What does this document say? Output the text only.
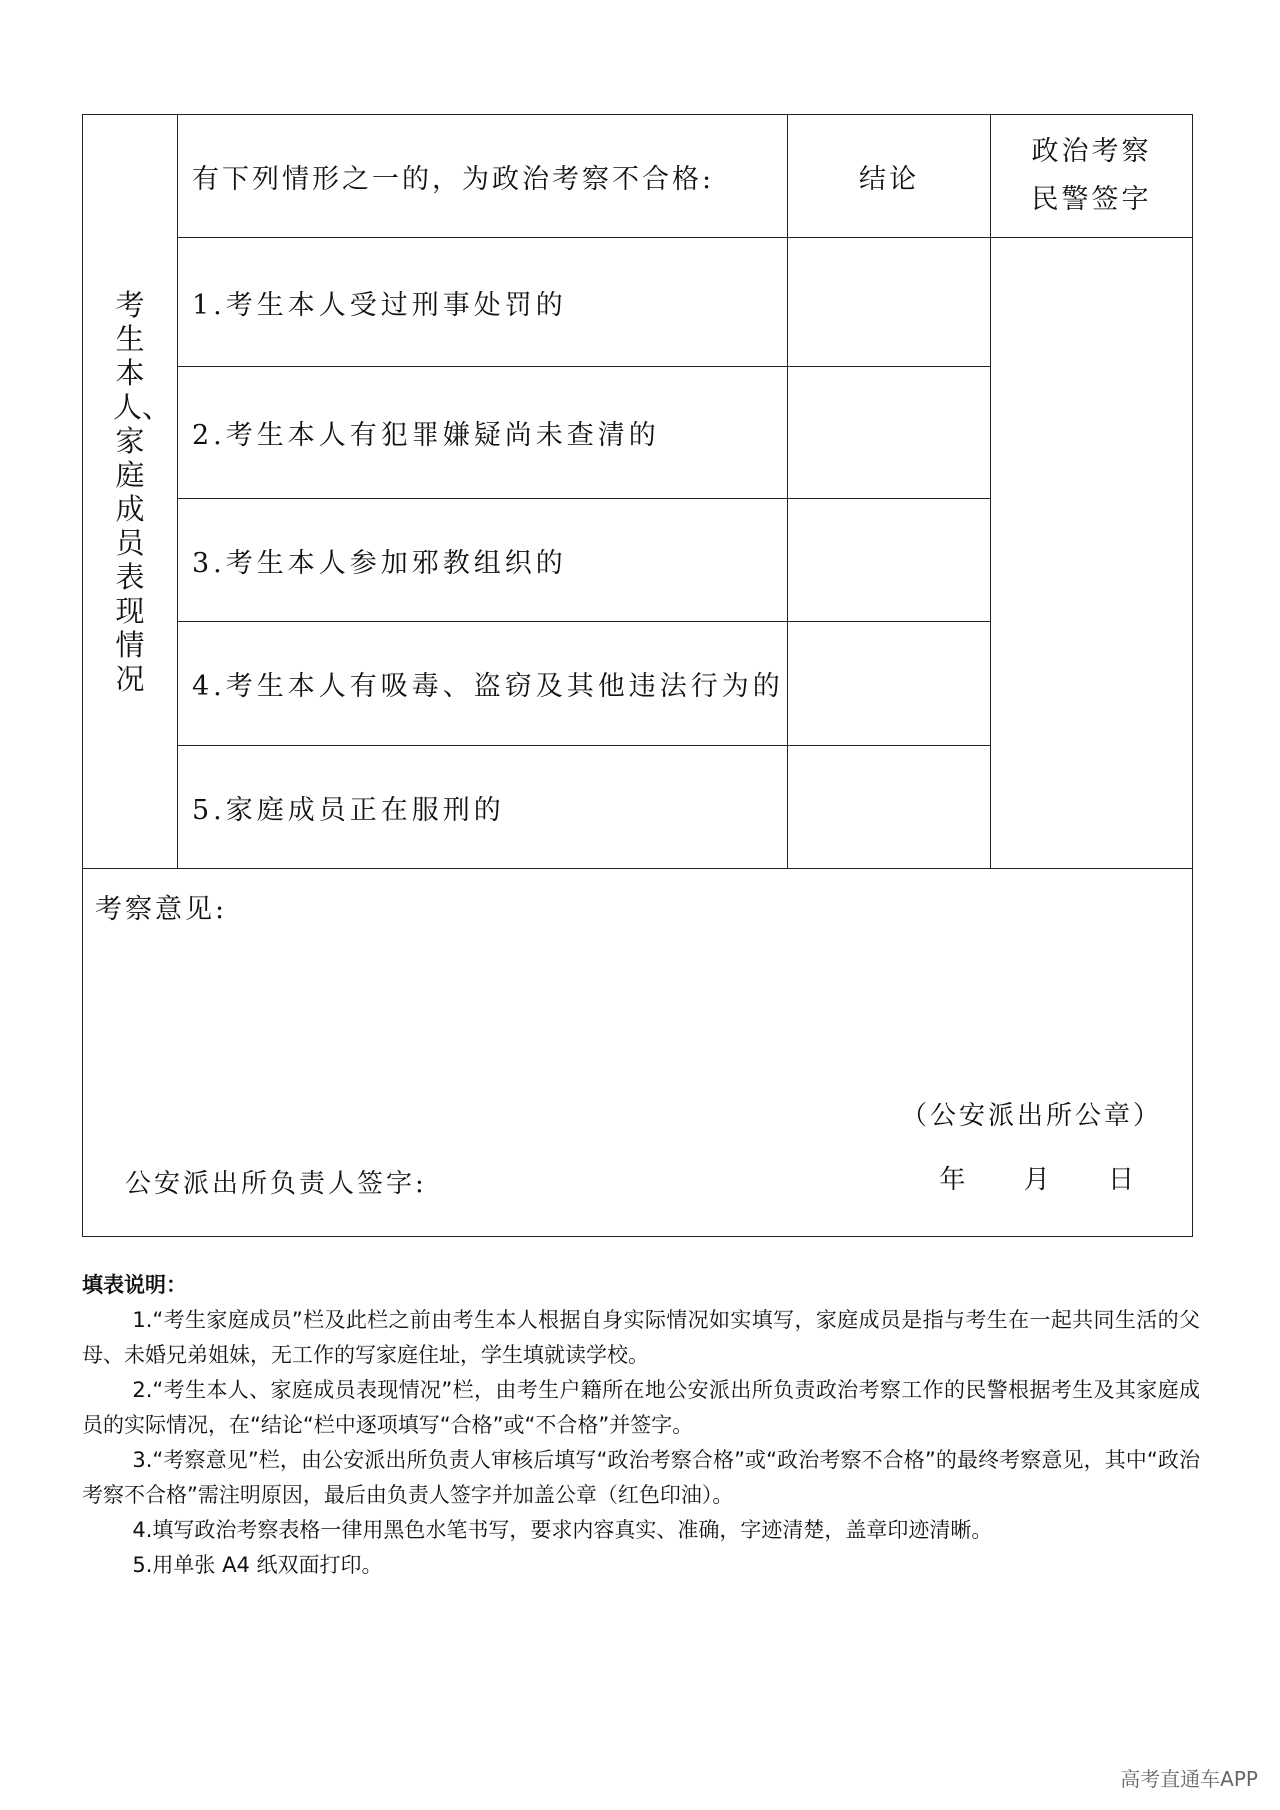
考生本人、家庭成员表现情况	有下列情形之一的，为政治考察不合格:	结论	政治考察
民警签字

	1.考生本人受过刑事处罚的		
	2.考生本人有犯罪嫌疑尚未查清的		
	3.考生本人参加邪教组织的		
	4.考生本人有吸毒、盗窃及其他违法行为的		
	5.家庭成员正在服刑的		

考察意见:
（公安派出所公章）
公安派出所负责人签字: 年 月 日			
填表说明：
1.“考生家庭成员”栏及此栏之前由考生本人根据自身实际情况如实填写，家庭成员是指与考生在一起共同生活的父母、未婚兄弟姐妹，无工作的写家庭住址，学生填就读学校。
2.“考生本人、家庭成员表现情况”栏，由考生户籍所在地公安派出所负责政治考察工作的民警根据考生及其家庭成员的实际情况，在“结论“栏中逐项填写“合格”或“不合格”并签字。
3.“考察意见”栏，由公安派出所负责人审核后填写“政治考察合格”或“政治考察不合格”的最终考察意见，其中“政治考察不合格”需注明原因，最后由负责人签字并加盖公章（红色印油）。
4.填写政治考察表格一律用黑色水笔书写，要求内容真实、准确，字迹清楚，盖章印迹清晰。
5.用单张 A4 纸双面打印。
高考直通车APP
